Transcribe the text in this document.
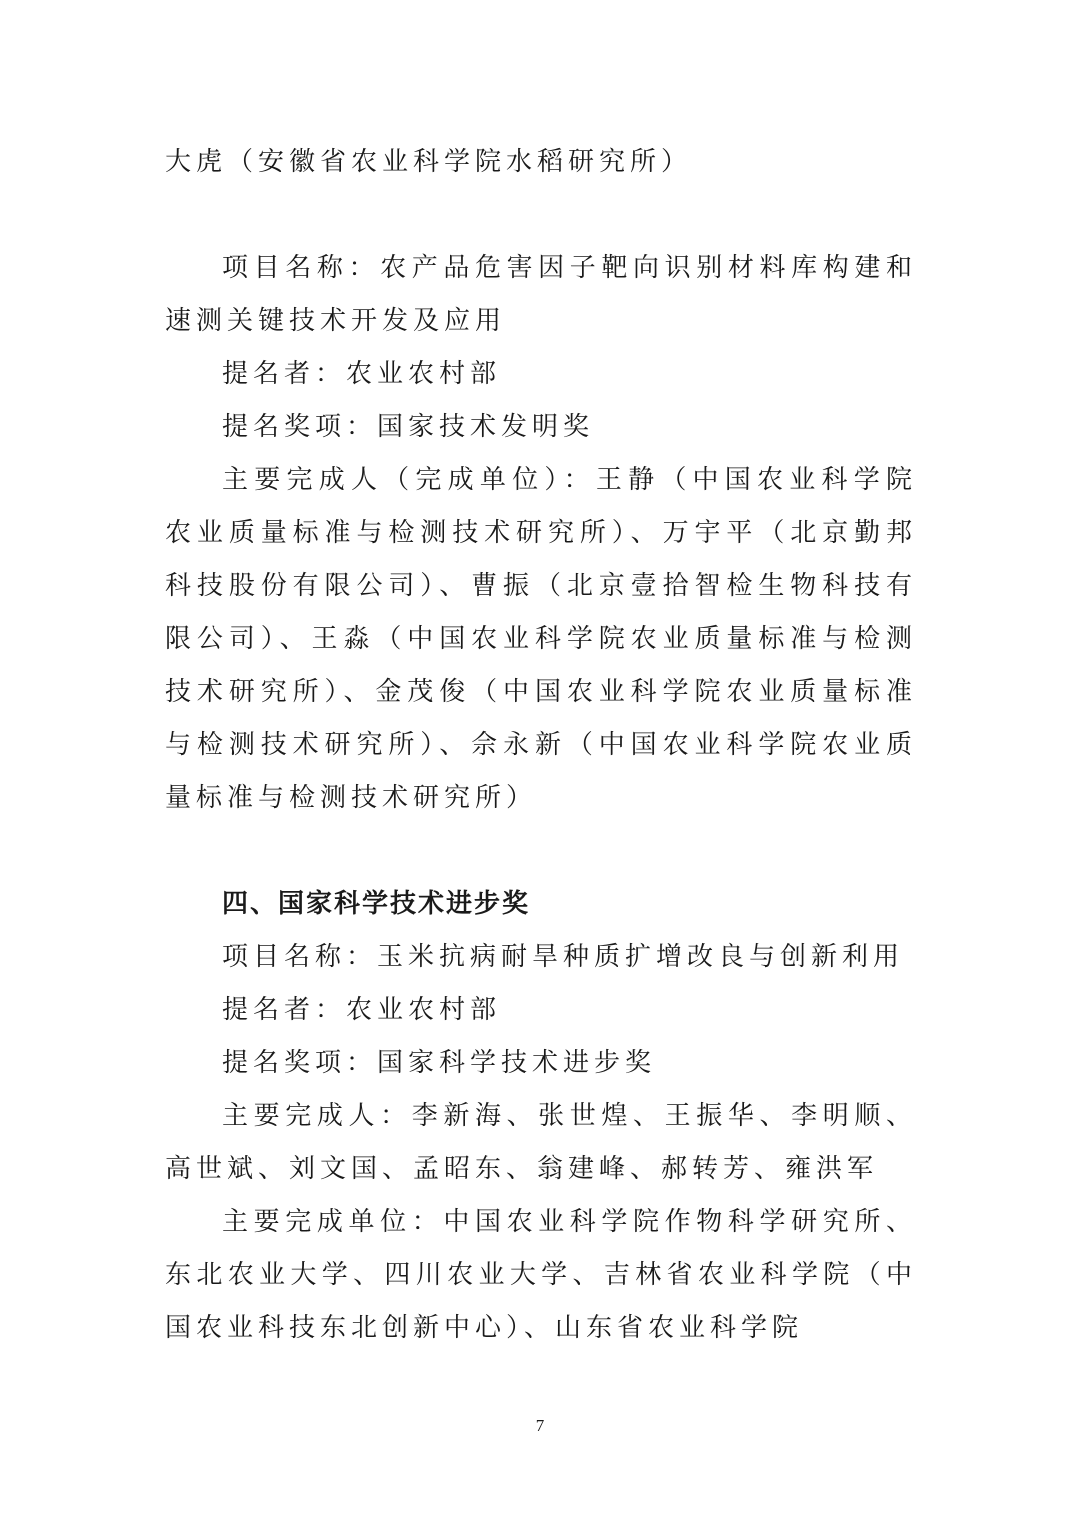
大虎（安徽省农业科学院水稻研究所）

项目名称：农产品危害因子靶向识别材料库构建和速测关键技术开发及应用

提名者：农业农村部

提名奖项：国家技术发明奖

主要完成人（完成单位）：王静（中国农业科学院农业质量标准与检测技术研究所）、万宇平（北京勤邦科技股份有限公司）、曹振（北京壹拾智检生物科技有限公司）、王淼（中国农业科学院农业质量标准与检测技术研究所）、金茂俊（中国农业科学院农业质量标准与检测技术研究所）、佘永新（中国农业科学院农业质量标准与检测技术研究所）

四、国家科学技术进步奖

项目名称：玉米抗病耐旱种质扩增改良与创新利用

提名者：农业农村部

提名奖项：国家科学技术进步奖

主要完成人：李新海、张世煌、王振华、李明顺、高世斌、刘文国、孟昭东、翁建峰、郝转芳、雍洪军

主要完成单位：中国农业科学院作物科学研究所、东北农业大学、四川农业大学、吉林省农业科学院（中国农业科技东北创新中心）、山东省农业科学院

7
